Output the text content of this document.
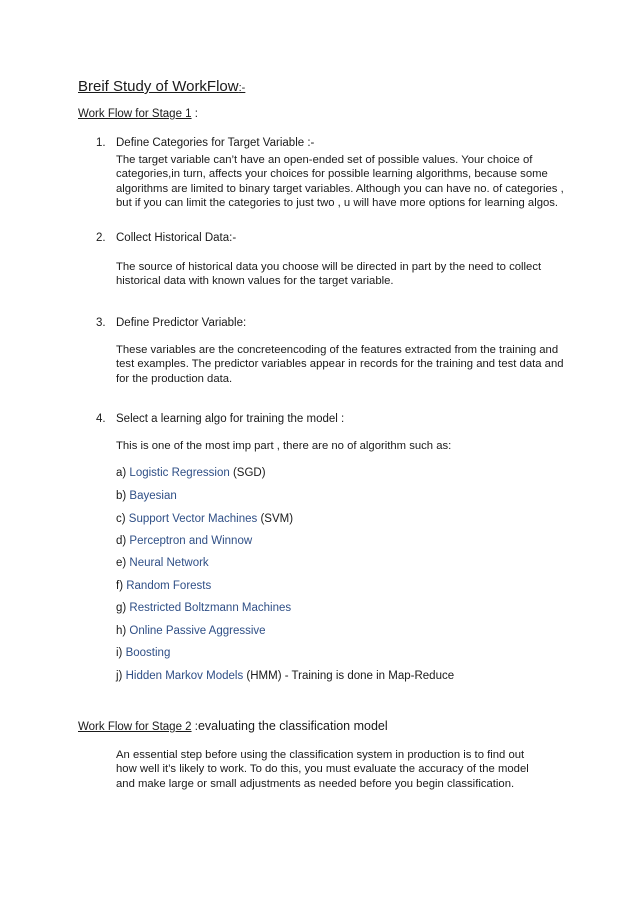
Breif Study of WorkFlow:-
Work Flow for Stage 1 :
1. Define Categories for Target Variable :-
The target variable can’t have an open-ended set of possible values. Your choice of
categories,in turn, affects your choices for possible learning algorithms, because some
algorithms are limited to binary target variables. Although you can have no. of categories ,
but if you can limit the categories to just two , u will have more options for learning algos.
2. Collect Historical Data:-
The source of historical data you choose will be directed in part by the need to collect
historical data with known values for the target variable.
3. Define Predictor Variable:
These variables are the concreteencoding of the features extracted from the training and
test examples. The predictor variables appear in records for the training and test data and
for the production data.
4. Select a learning algo for training the model :
This is one of the most imp part , there are no of algorithm such as:
a) Logistic Regression (SGD)
b) Bayesian
c) Support Vector Machines (SVM)
d) Perceptron and Winnow
e) Neural Network
f) Random Forests
g) Restricted Boltzmann Machines
h) Online Passive Aggressive
i) Boosting
j) Hidden Markov Models (HMM) - Training is done in Map-Reduce
Work Flow for Stage 2 :evaluating the classification model
An essential step before using the classification system in production is to find out
how well it’s likely to work. To do this, you must evaluate the accuracy of the model
and make large or small adjustments as needed before you begin classification.
